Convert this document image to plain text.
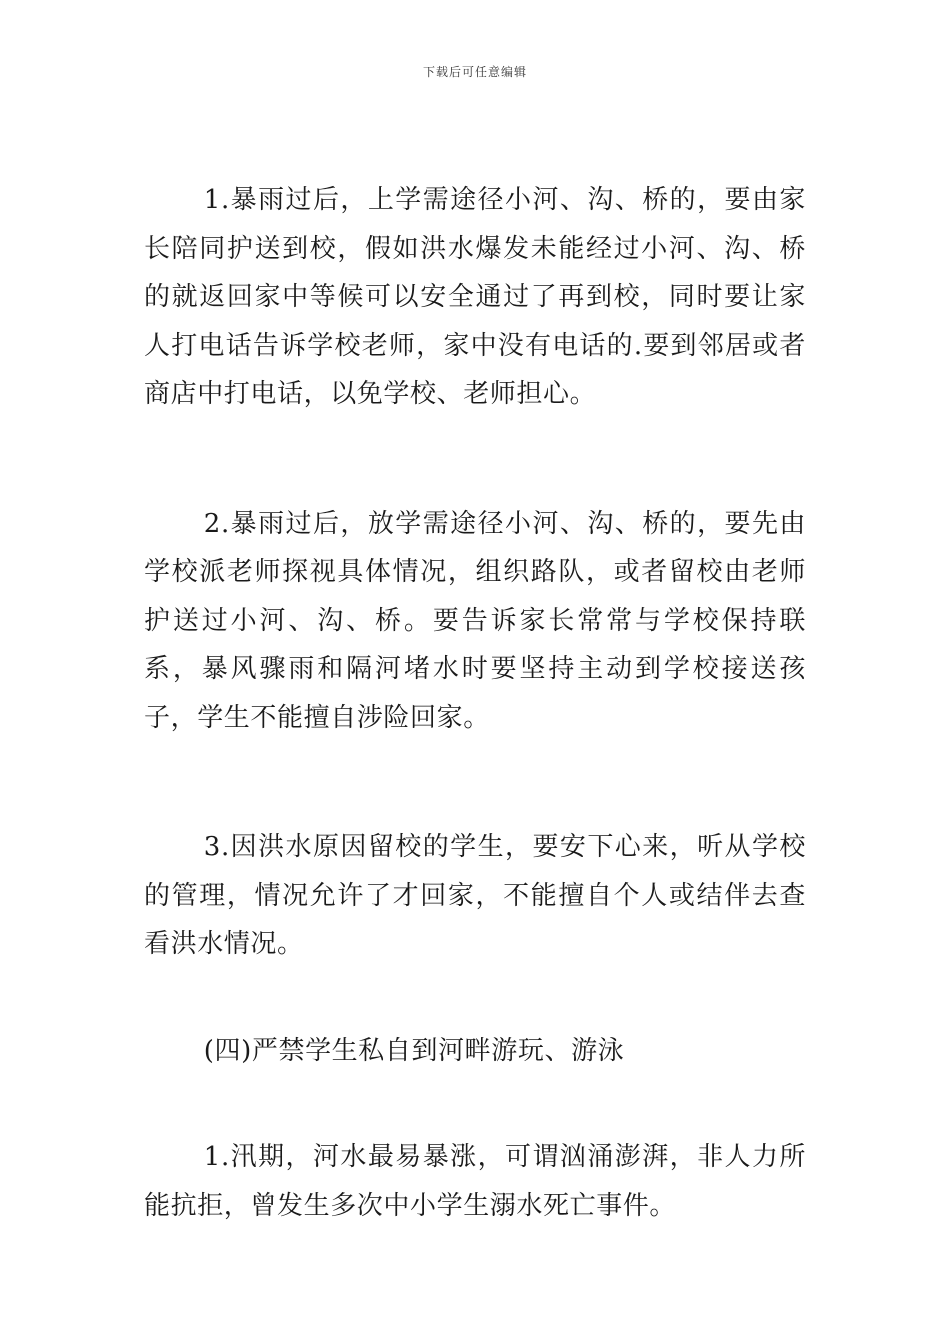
下载后可任意编辑

1.暴雨过后，上学需途径小河、沟、桥的，要由家长陪同护送到校，假如洪水爆发未能经过小河、沟、桥的就返回家中等候可以安全通过了再到校，同时要让家人打电话告诉学校老师，家中没有电话的.要到邻居或者商店中打电话，以免学校、老师担心。

2.暴雨过后，放学需途径小河、沟、桥的，要先由学校派老师探视具体情况，组织路队，或者留校由老师护送过小河、沟、桥。要告诉家长常常与学校保持联系，暴风骤雨和隔河堵水时要坚持主动到学校接送孩子，学生不能擅自涉险回家。

3.因洪水原因留校的学生，要安下心来，听从学校的管理，情况允许了才回家，不能擅自个人或结伴去查看洪水情况。

(四)严禁学生私自到河畔游玩、游泳

1.汛期，河水最易暴涨，可谓汹涌澎湃，非人力所能抗拒，曾发生多次中小学生溺水死亡事件。
